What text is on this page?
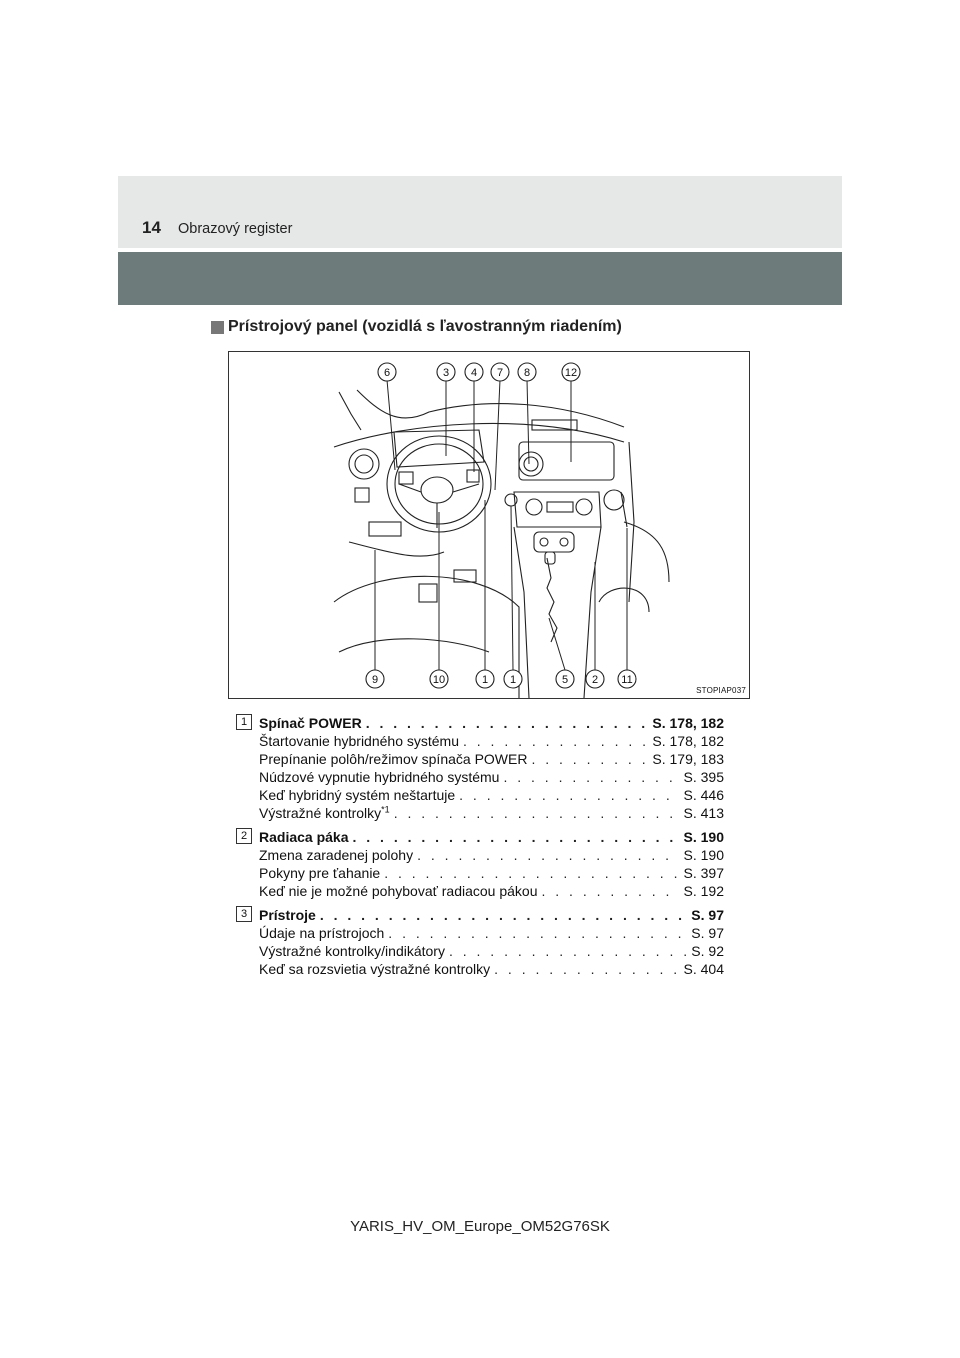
14 Obrazový register
Prístrojový panel (vozidlá s ľavostranným riadením)
6	3 4 7 8	12
9	10	1 1	5 2 11
STOPIAP037
1 Spínač POWER . . .	S. 178, 182
Štartovanie hybridného systému . . .	S. 178, 182
Prepínanie polôh/režimov spínača POWER . . .	S. 179, 183
Núdzové vypnutie hybridného systému . . .	S. 395
Keď hybridný systém neštartuje . . .	S. 446
Výstražné kontrolky$^{*1}$ . . .	S. 413
2 Radiaca páka . . .	S. 190
Zmena zaradenej polohy . . .	S. 190
Pokyny pre ťahanie . . .	S. 397
Keď nie je možné pohybovať radiacou pákou . . .	S. 192
3 Prístroje . . .	S. 97
Údaje na prístrojoch . . .	S. 97
Výstražné kontrolky/indikátory . . .	S. 92
Keď sa rozsvietia výstražné kontrolky . . .	S. 404
YARIS_HV_OM_Europe_OM52G76SK
